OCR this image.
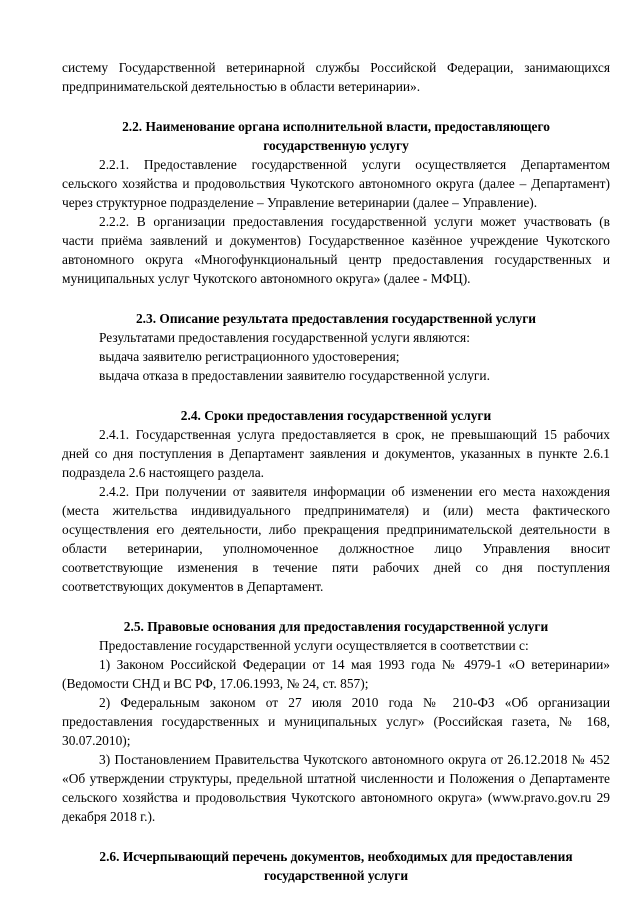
систему Государственной ветеринарной службы Российской Федерации, занимающихся предпринимательской деятельностью в области ветеринарии».

2.2. Наименование органа исполнительной власти, предоставляющего государственную услугу

2.2.1. Предоставление государственной услуги осуществляется Департаментом сельского хозяйства и продовольствия Чукотского автономного округа (далее – Департамент) через структурное подразделение – Управление ветеринарии (далее – Управление).

2.2.2. В организации предоставления государственной услуги может участвовать (в части приёма заявлений и документов) Государственное казённое учреждение Чукотского автономного округа «Многофункциональный центр предоставления государственных и муниципальных услуг Чукотского автономного округа» (далее - МФЦ).

2.3. Описание результата предоставления государственной услуги

Результатами предоставления государственной услуги являются:

выдача заявителю регистрационного удостоверения;

выдача отказа в предоставлении заявителю государственной услуги.

2.4. Сроки предоставления государственной услуги

2.4.1. Государственная услуга предоставляется в срок, не превышающий 15 рабочих дней со дня поступления в Департамент заявления и документов, указанных в пункте 2.6.1 подраздела 2.6 настоящего раздела.

2.4.2. При получении от заявителя информации об изменении его места нахождения (места жительства индивидуального предпринимателя) и (или) места фактического осуществления его деятельности, либо прекращения предпринимательской деятельности в области ветеринарии, уполномоченное должностное лицо Управления вносит соответствующие изменения в течение пяти рабочих дней со дня поступления соответствующих документов в Департамент.

2.5. Правовые основания для предоставления государственной услуги

Предоставление государственной услуги осуществляется в соответствии с:

1) Законом Российской Федерации от 14 мая 1993 года № 4979-1 «О ветеринарии» (Ведомости СНД и ВС РФ, 17.06.1993, № 24, ст. 857);

2) Федеральным законом от 27 июля 2010 года № 210-ФЗ «Об организации предоставления государственных и муниципальных услуг» (Российская газета, № 168, 30.07.2010);

3) Постановлением Правительства Чукотского автономного округа от 26.12.2018 № 452 «Об утверждении структуры, предельной штатной численности и Положения о Департаменте сельского хозяйства и продовольствия Чукотского автономного округа» (www.pravo.gov.ru 29 декабря 2018 г.).

2.6. Исчерпывающий перечень документов, необходимых для предоставления государственной услуги
